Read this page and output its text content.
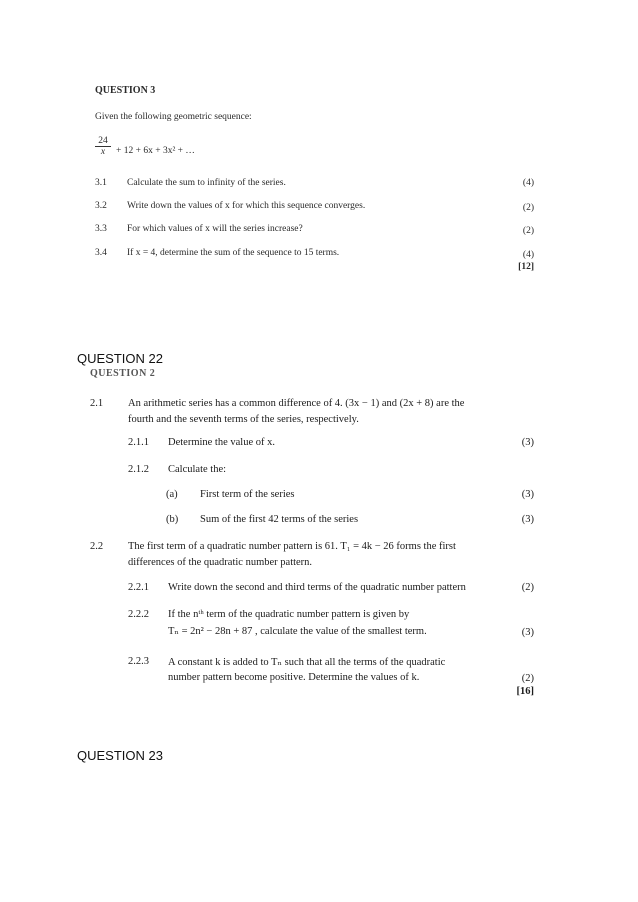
QUESTION 3
Given the following geometric sequence:
$\frac{24}{x} + 12 + 6x + 3x^2$ + …
3.1 Calculate the sum to infinity of the series.	(4)
3.2 Write down the values of x for which this sequence converges.	(2)
3.3 For which values of x will the series increase?	(2)
3.4 If x = 4, determine the sum of the sequence to 15 terms.	(4)
[12]
QUESTION 22
QUESTION 2
2.1 An arithmetic series has a common difference of 4. (3x − 1) and (2x + 8) are the
fourth and the seventh terms of the series, respectively.
2.1.1 Determine the value of x.	(3)
2.1.2 Calculate the:
(a) First term of the series	(3)
(b) Sum of the first 42 terms of the series	(3)
2.2 The first term of a quadratic number pattern is 61. T₁ = 4k − 26 forms the first
differences of the quadratic number pattern.
2.2.1 Write down the second and third terms of the quadratic number pattern	(2)
2.2.2 If the nᵗʰ term of the quadratic number pattern is given by
Tₙ = 2n² − 28n + 87 , calculate the value of the smallest term.	(3)
2.2.3 A constant k is added to Tₙ such that all the terms of the quadratic
number pattern become positive. Determine the values of k.	(2)
[16]
QUESTION 23
